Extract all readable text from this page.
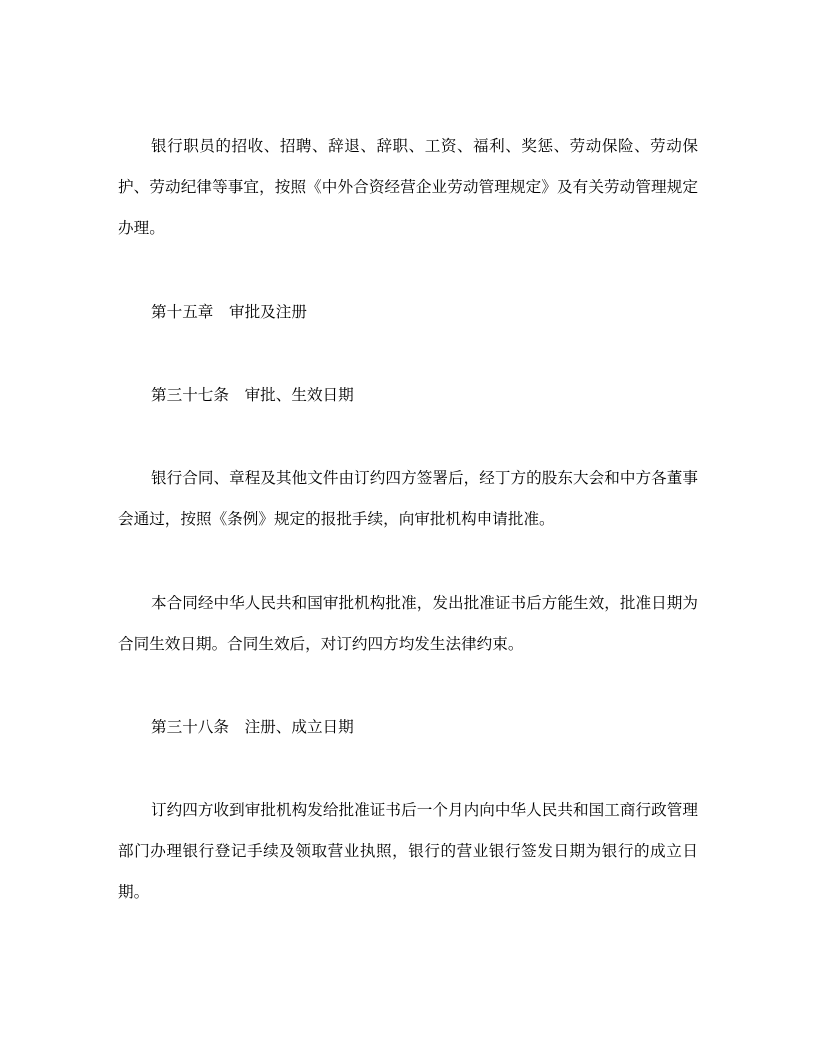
银行职员的招收、招聘、辞退、辞职、工资、福利、奖惩、劳动保险、劳动保护、劳动纪律等事宜，按照《中外合资经营企业劳动管理规定》及有关劳动管理规定办理。

第十五章　审批及注册

第三十七条　审批、生效日期

银行合同、章程及其他文件由订约四方签署后，经丁方的股东大会和中方各董事会通过，按照《条例》规定的报批手续，向审批机构申请批准。

本合同经中华人民共和国审批机构批准，发出批准证书后方能生效，批准日期为合同生效日期。合同生效后，对订约四方均发生法律约束。

第三十八条　注册、成立日期

订约四方收到审批机构发给批准证书后一个月内向中华人民共和国工商行政管理部门办理银行登记手续及领取营业执照，银行的营业银行签发日期为银行的成立日期。
